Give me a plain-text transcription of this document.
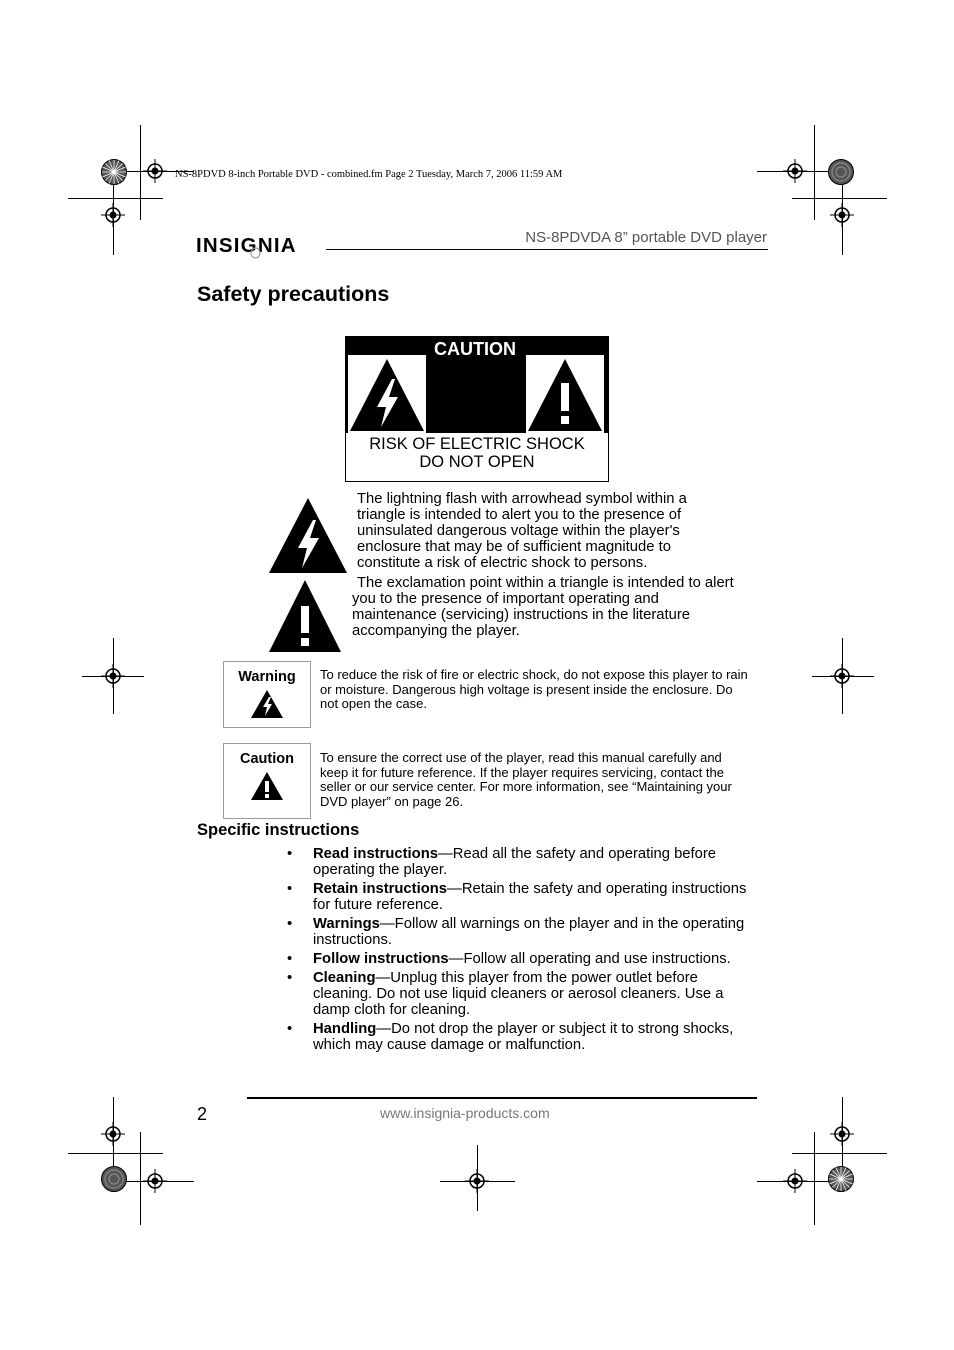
NS-8PDVD 8-inch Portable DVD - combined.fm Page 2 Tuesday, March 7, 2006 11:59 AM
INSIGNIA	NS-8PDVDA 8” portable DVD player
Safety precautions
CAUTION
RISK OF ELECTRIC SHOCK
DO NOT OPEN
The lightning flash with arrowhead symbol within a triangle is intended to alert you to the presence of uninsulated dangerous voltage within the player's enclosure that may be of sufficient magnitude to constitute a risk of electric shock to persons.
The exclamation point within a triangle is intended to alert you to the presence of important operating and maintenance (servicing) instructions in the literature accompanying the player.
Warning	To reduce the risk of fire or electric shock, do not expose this player to rain or moisture. Dangerous high voltage is present inside the enclosure. Do not open the case.
Caution	To ensure the correct use of the player, read this manual carefully and keep it for future reference. If the player requires servicing, contact the seller or our service center. For more information, see “Maintaining your DVD player” on page 26.
Specific instructions
• Read instructions—Read all the safety and operating before operating the player.
• Retain instructions—Retain the safety and operating instructions for future reference.
• Warnings—Follow all warnings on the player and in the operating instructions.
• Follow instructions—Follow all operating and use instructions.
• Cleaning—Unplug this player from the power outlet before cleaning. Do not use liquid cleaners or aerosol cleaners. Use a damp cloth for cleaning.
• Handling—Do not drop the player or subject it to strong shocks, which may cause damage or malfunction.
2	www.insignia-products.com
